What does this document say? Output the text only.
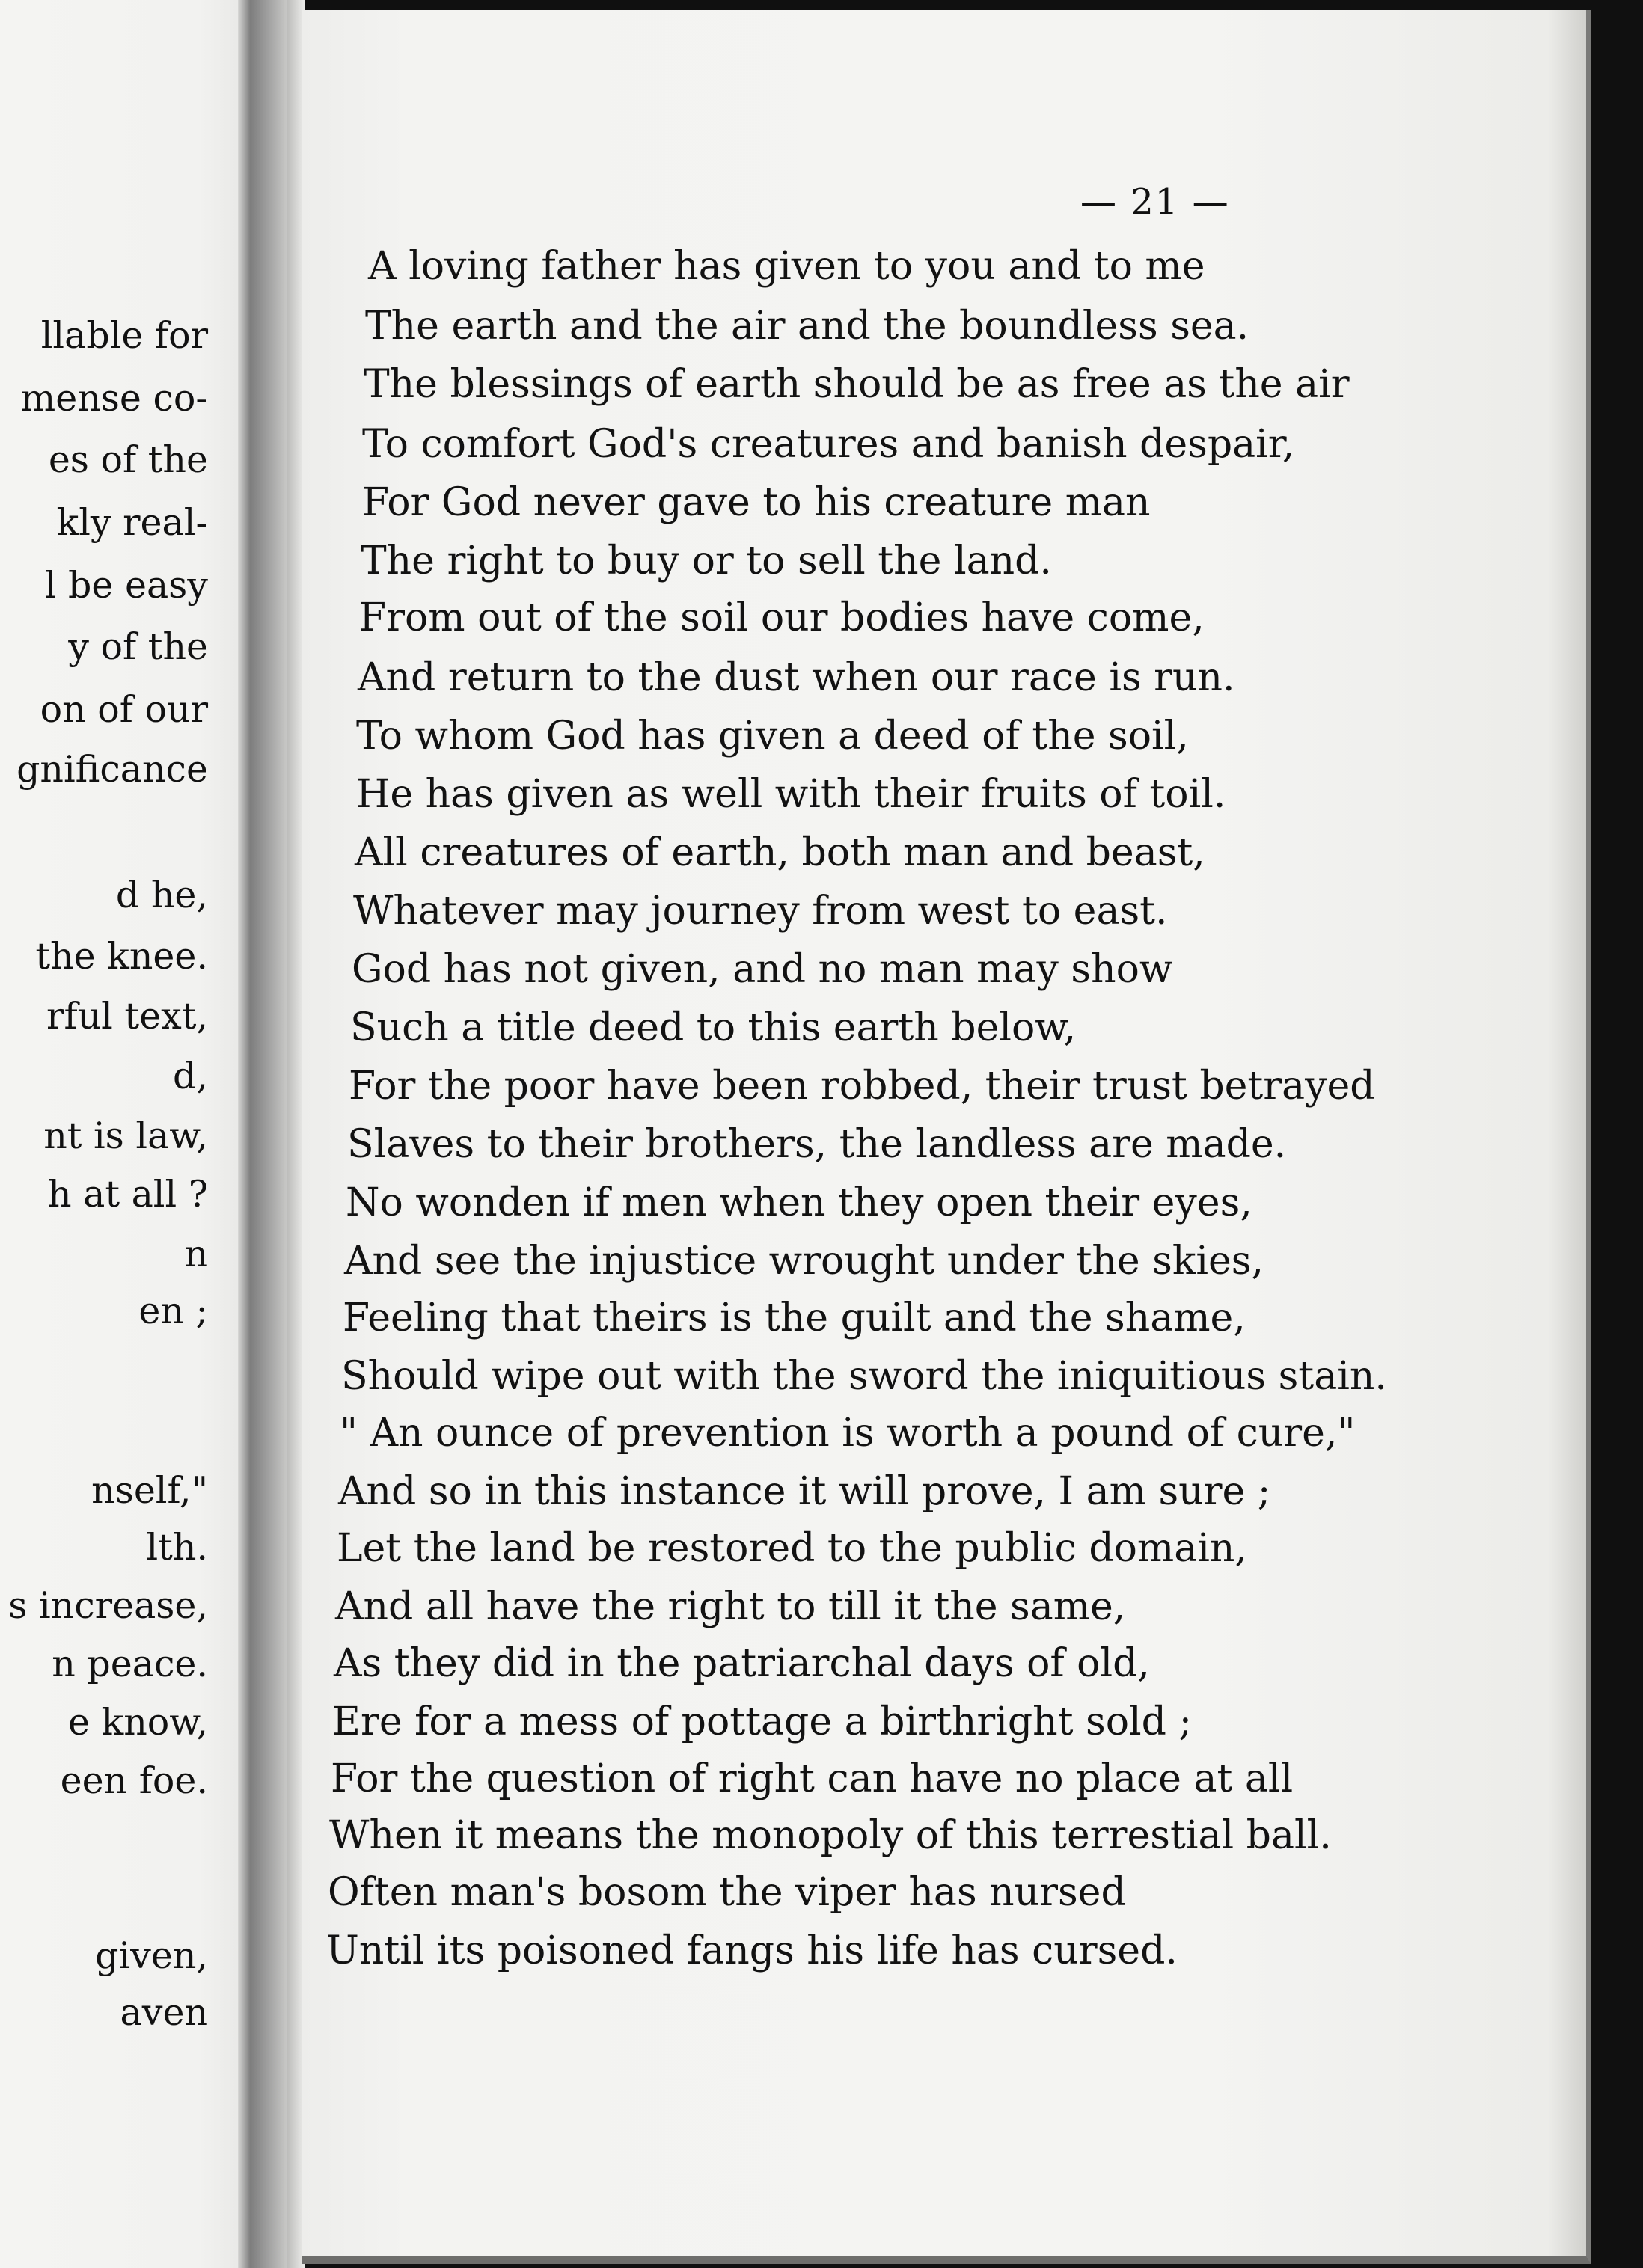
llable for
mense co-
es of the
kly real-
l be easy
y of the
on of our
gnificance
d he,
the knee.
rful text,
d,
nt is law,
h at all ?
n
en ;
nself,"
lth.
s increase,
n peace.
e know,
een foe.
given,
aven
— 21 —
A loving father has given to you and to me
The earth and the air and the boundless sea.
The blessings of earth should be as free as the air
To comfort God's creatures and banish despair,
For God never gave to his creature man
The right to buy or to sell the land.
From out of the soil our bodies have come,
And return to the dust when our race is run.
To whom God has given a deed of the soil,
He has given as well with their fruits of toil.
All creatures of earth, both man and beast,
Whatever may journey from west to east.
God has not given, and no man may show
Such a title deed to this earth below,
For the poor have been robbed, their trust betrayed
Slaves to their brothers, the landless are made.
No wonden if men when they open their eyes,
And see the injustice wrought under the skies,
Feeling that theirs is the guilt and the shame,
Should wipe out with the sword the iniquitious stain.
" An ounce of prevention is worth a pound of cure,"
And so in this instance it will prove, I am sure ;
Let the land be restored to the public domain,
And all have the right to till it the same,
As they did in the patriarchal days of old,
Ere for a mess of pottage a birthright sold ;
For the question of right can have no place at all
When it means the monopoly of this terrestial ball.
Often man's bosom the viper has nursed
Until its poisoned fangs his life has cursed.
